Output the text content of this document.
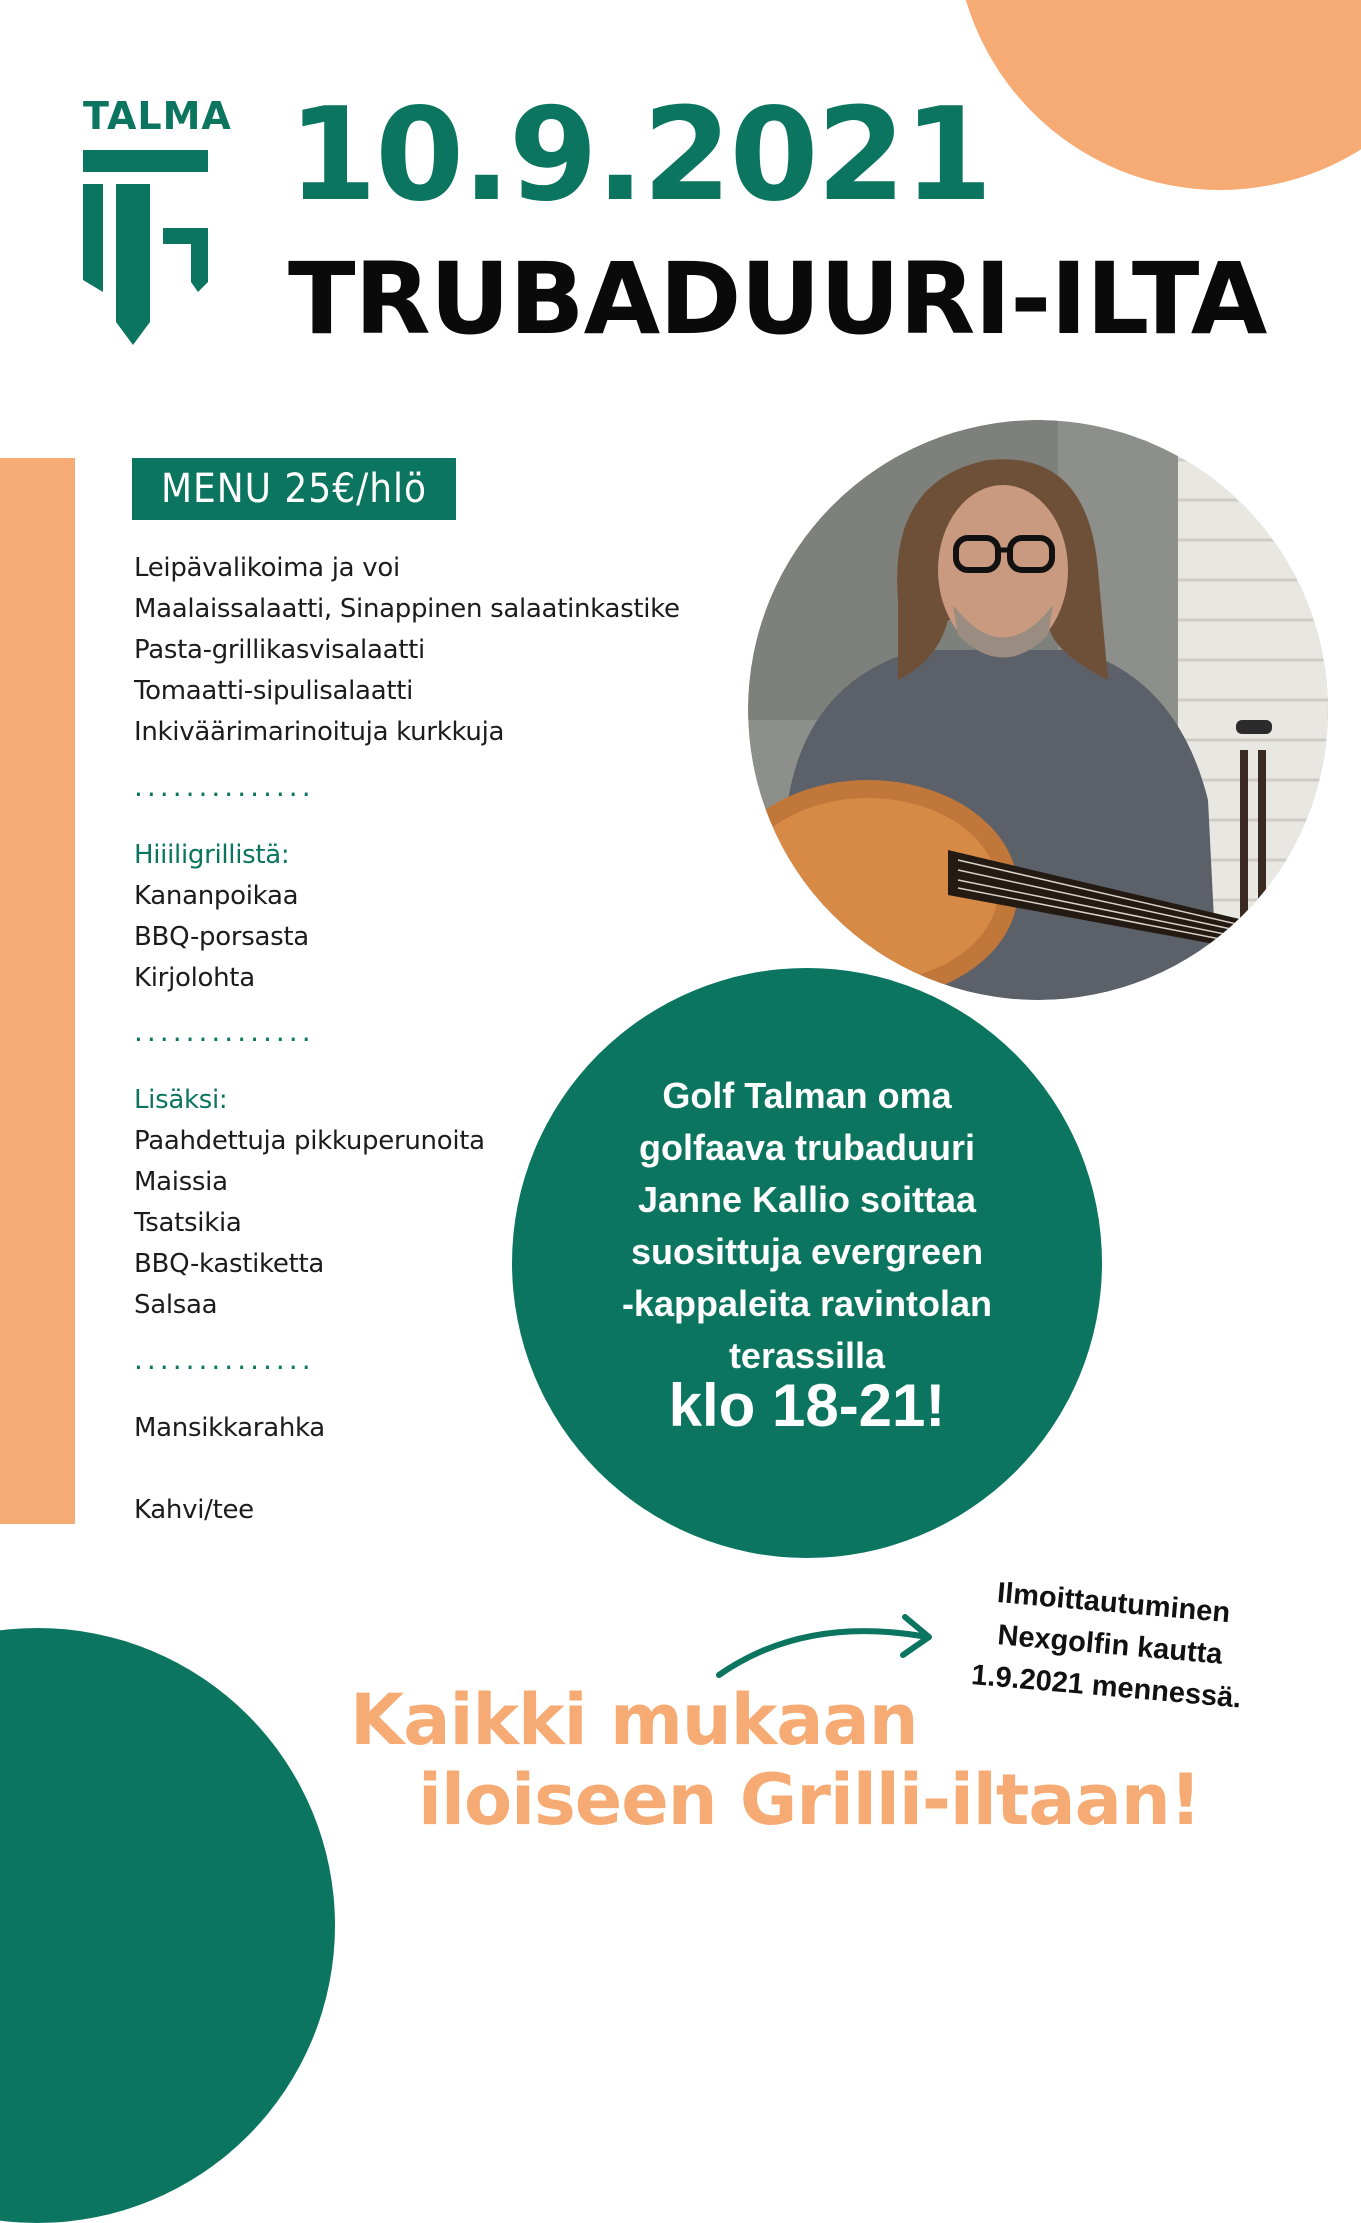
TALMA 10.9.2021
TRUBADUURI-ILTA
MENU 25€/hlö
Leipävalikoima ja voi
Maalaissalaatti, Sinappinen salaatinkastike
Pasta-grillikasvisalaatti
Tomaatti-sipulisalaatti
Inkiväärimarinoituja kurkkuja
..............
Hiiiligrillistä:
Kananpoikaa
BBQ-porsasta
Kirjolohta
..............
Lisäksi:
Paahdettuja pikkuperunoita
Maissia
Tsatsikia
BBQ-kastiketta
Salsaa
..............
Mansikkarahka
Kahvi/tee
Golf Talman oma
golfaava trubaduuri
Janne Kallio soittaa
suosittuja evergreen
-kappaleita ravintolan
terassilla
klo 18-21!
Ilmoittautuminen
Nexgolfin kautta
1.9.2021 mennessä.
Kaikki mukaan
iloiseen Grilli-iltaan!
